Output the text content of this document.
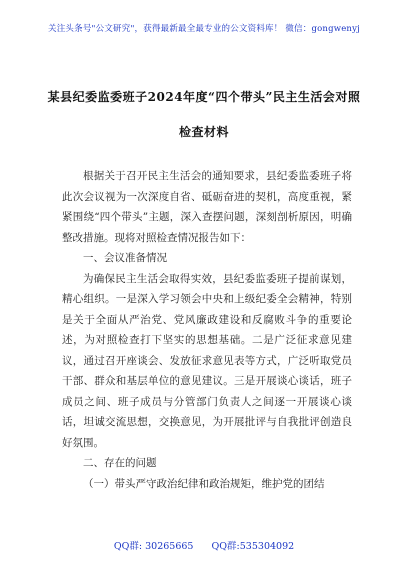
关注头条号"公文研究"，获得最新最全最专业的公文资料库！ 微信：gongwenyj
某县纪委监委班子2024年度“四个带头”民主生活会对照
检查材料

根据关于召开民主生活会的通知要求，县纪委监委班子将此次会议视为一次深度自省、砥砺奋进的契机，高度重视，紧紧围绕“四个带头”主题，深入查摆问题，深刻剖析原因，明确整改措施。现将对照检查情况报告如下：

一、会议准备情况

为确保民主生活会取得实效，县纪委监委班子提前谋划，精心组织。一是深入学习领会中央和上级纪委全会精神，特别是关于全面从严治党、党风廉政建设和反腐败斗争的重要论述，为对照检查打下坚实的思想基础。二是广泛征求意见建议，通过召开座谈会、发放征求意见表等方式，广泛听取党员干部、群众和基层单位的意见建议。三是开展谈心谈话，班子成员之间、班子成员与分管部门负责人之间逐一开展谈心谈话，坦诚交流思想，交换意见，为开展批评与自我批评创造良好氛围。

二、存在的问题

（一）带头严守政治纪律和政治规矩，维护党的团结

QQ群: 30265665 QQ群:535304092
